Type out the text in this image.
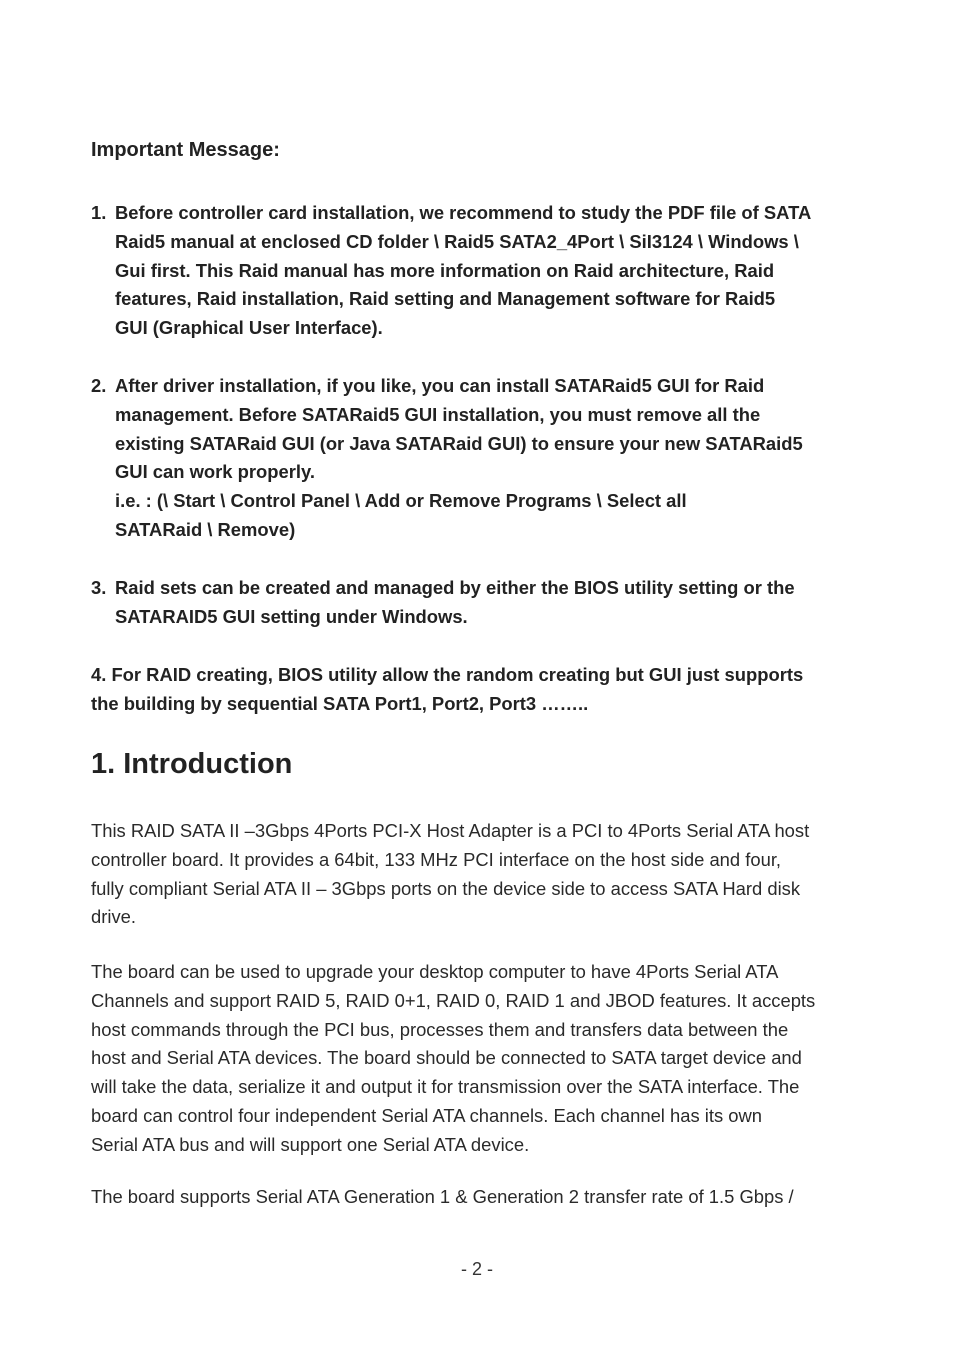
Important Message:
1. Before controller card installation, we recommend to study the PDF file of SATA
Raid5 manual at enclosed CD folder \ Raid5 SATA2_4Port \ SiI3124 \ Windows \
Gui first. This Raid manual has more information on Raid architecture, Raid
features, Raid installation, Raid setting and Management software for Raid5
GUI (Graphical User Interface).
2. After driver installation, if you like, you can install SATARaid5 GUI for Raid
management. Before SATARaid5 GUI installation, you must remove all the
existing SATARaid GUI (or Java SATARaid GUI) to ensure your new SATARaid5
GUI can work properly.
i.e. : (\ Start \ Control Panel \ Add or Remove Programs \ Select all
SATARaid \ Remove)
3. Raid sets can be created and managed by either the BIOS utility setting or the
SATARAID5 GUI setting under Windows.
4. For RAID creating, BIOS utility allow the random creating but GUI just supports
the building by sequential SATA Port1, Port2, Port3 ……..
1. Introduction
This RAID SATA II –3Gbps 4Ports PCI-X Host Adapter is a PCI to 4Ports Serial ATA host
controller board. It provides a 64bit, 133 MHz PCI interface on the host side and four,
fully compliant Serial ATA II – 3Gbps ports on the device side to access SATA Hard disk
drive.
The board can be used to upgrade your desktop computer to have 4Ports Serial ATA
Channels and support RAID 5, RAID 0+1, RAID 0, RAID 1 and JBOD features. It accepts
host commands through the PCI bus, processes them and transfers data between the
host and Serial ATA devices. The board should be connected to SATA target device and
will take the data, serialize it and output it for transmission over the SATA interface. The
board can control four independent Serial ATA channels. Each channel has its own
Serial ATA bus and will support one Serial ATA device.
The board supports Serial ATA Generation 1 & Generation 2 transfer rate of 1.5 Gbps /
- 2 -
